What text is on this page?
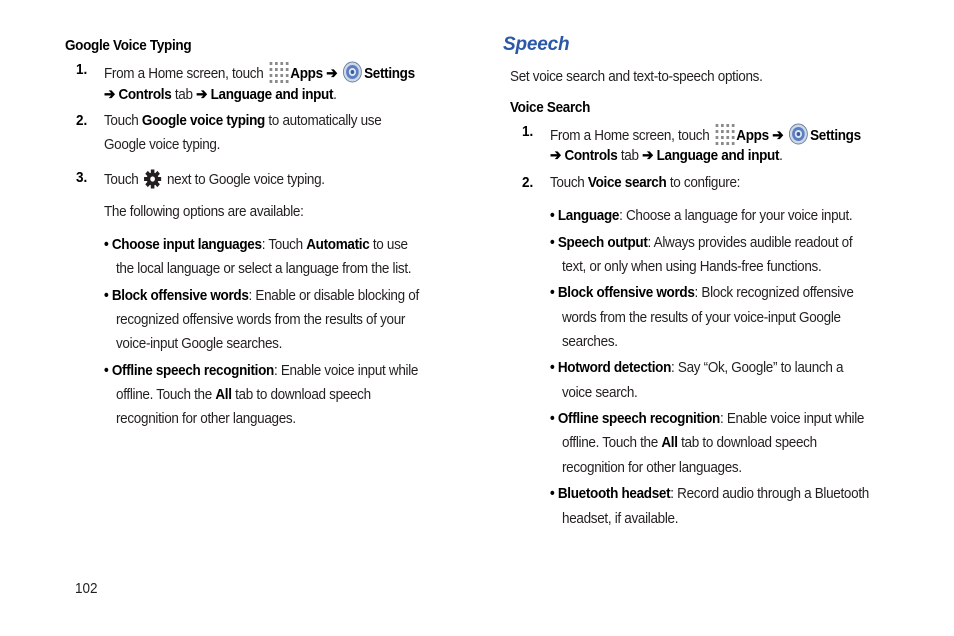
Google Voice Typing
1. From a Home screen, touch Apps ➔ Settings
➔ Controls tab ➔ Language and input.
2. Touch Google voice typing to automatically use
Google voice typing.
3. Touch next to Google voice typing.
The following options are available:
• Choose input languages: Touch Automatic to use
the local language or select a language from the list.
• Block offensive words: Enable or disable blocking of
recognized offensive words from the results of your
voice-input Google searches.
• Offline speech recognition: Enable voice input while
offline. Touch the All tab to download speech
recognition for other languages.
Speech
Set voice search and text-to-speech options.
Voice Search
1. From a Home screen, touch Apps ➔ Settings
➔ Controls tab ➔ Language and input.
2. Touch Voice search to configure:
• Language: Choose a language for your voice input.
• Speech output: Always provides audible readout of
text, or only when using Hands-free functions.
• Block offensive words: Block recognized offensive
words from the results of your voice-input Google
searches.
• Hotword detection: Say “Ok, Google” to launch a
voice search.
• Offline speech recognition: Enable voice input while
offline. Touch the All tab to download speech
recognition for other languages.
• Bluetooth headset: Record audio through a Bluetooth
headset, if available.
102
